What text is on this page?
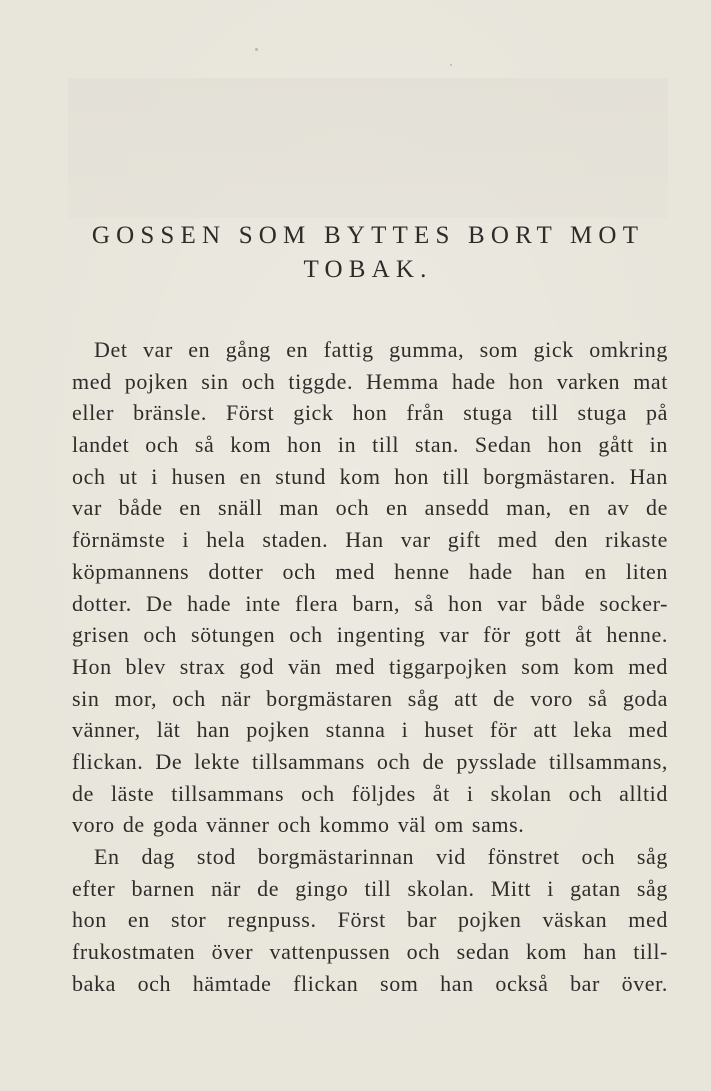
GOSSEN SOM BYTTES BORT MOT
TOBAK.
Det var en gång en fattig gumma, som gick omkring
med pojken sin och tiggde. Hemma hade hon varken mat
eller bränsle. Först gick hon från stuga till stuga på
landet och så kom hon in till stan. Sedan hon gått in
och ut i husen en stund kom hon till borgmästaren. Han
var både en snäll man och en ansedd man, en av de
förnämste i hela staden. Han var gift med den rikaste
köpmannens dotter och med henne hade han en liten
dotter. De hade inte flera barn, så hon var både socker-
grisen och sötungen och ingenting var för gott åt henne.
Hon blev strax god vän med tiggarpojken som kom med
sin mor, och när borgmästaren såg att de voro så goda
vänner, lät han pojken stanna i huset för att leka med
flickan. De lekte tillsammans och de pysslade tillsammans,
de läste tillsammans och följdes åt i skolan och alltid
voro de goda vänner och kommo väl om sams.
En dag stod borgmästarinnan vid fönstret och såg
efter barnen när de gingo till skolan. Mitt i gatan såg
hon en stor regnpuss. Först bar pojken väskan med
frukostmaten över vattenpussen och sedan kom han till-
baka och hämtade flickan som han också bar över.
